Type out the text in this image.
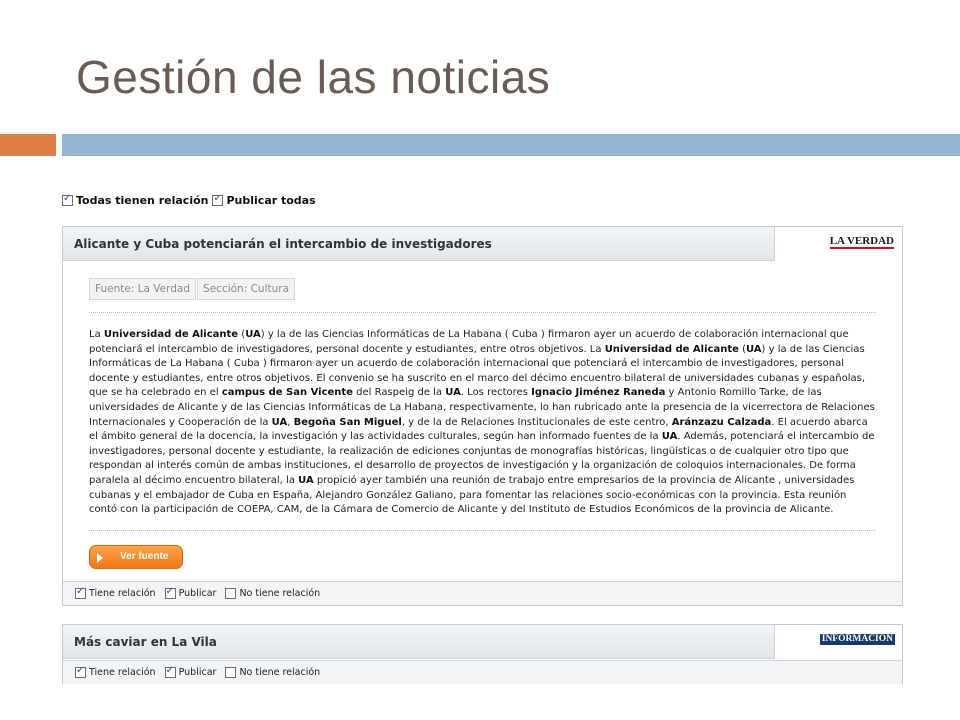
Gestión de las noticias
✓
Todas tienen relación ✓ Publicar todas
Alicante y Cuba potenciarán el intercambio de investigadores	LA VERDAD
Fuente: La Verdad	Sección: Cultura
La Universidad de Alicante (UA) y la de las Ciencias Informáticas de La Habana ( Cuba ) firmaron ayer un acuerdo de colaboración internacional que potenciará el intercambio de investigadores, personal docente y estudiantes, entre otros objetivos. La Universidad de Alicante (UA) y la de las Ciencias Informáticas de La Habana ( Cuba ) firmaron ayer un acuerdo de colaboración internacional que potenciará el intercambio de investigadores, personal docente y estudiantes, entre otros objetivos. El convenio se ha suscrito en el marco del décimo encuentro bilateral de universidades cubanas y españolas, que se ha celebrado en el campus de San Vicente del Raspeig de la UA. Los rectores Ignacio Jiménez Raneda y Antonio Romillo Tarke, de las universidades de Alicante y de las Ciencias Informáticas de La Habana, respectivamente, lo han rubricado ante la presencia de la vicerrectora de Relaciones Internacionales y Cooperación de la UA, Begoña San Miguel, y de la de Relaciones Institucionales de este centro, Aránzazu Calzada. El acuerdo abarca el ámbito general de la docencia, la investigación y las actividades culturales, según han informado fuentes de la UA. Además, potenciará el intercambio de investigadores, personal docente y estudiante, la realización de ediciones conjuntas de monografías históricas, lingüísticas o de cualquier otro tipo que respondan al interés común de ambas instituciones, el desarrollo de proyectos de investigación y la organización de coloquios internacionales. De forma paralela al décimo encuentro bilateral, la UA propició ayer también una reunión de trabajo entre empresarios de la provincia de Alicante , universidades cubanas y el embajador de Cuba en España, Alejandro González Galiano, para fomentar las relaciones socio-económicas con la provincia. Esta reunión contó con la participación de COEPA, CAM, de la Cámara de Comercio de Alicante y del Instituto de Estudios Económicos de la provincia de Alicante.
Ver fuente
✓
Tiene relación ✓ Publicar No tiene relación
Más caviar en La Vila	INFORMACION
✓
Tiene relación ✓ Publicar No tiene relación
